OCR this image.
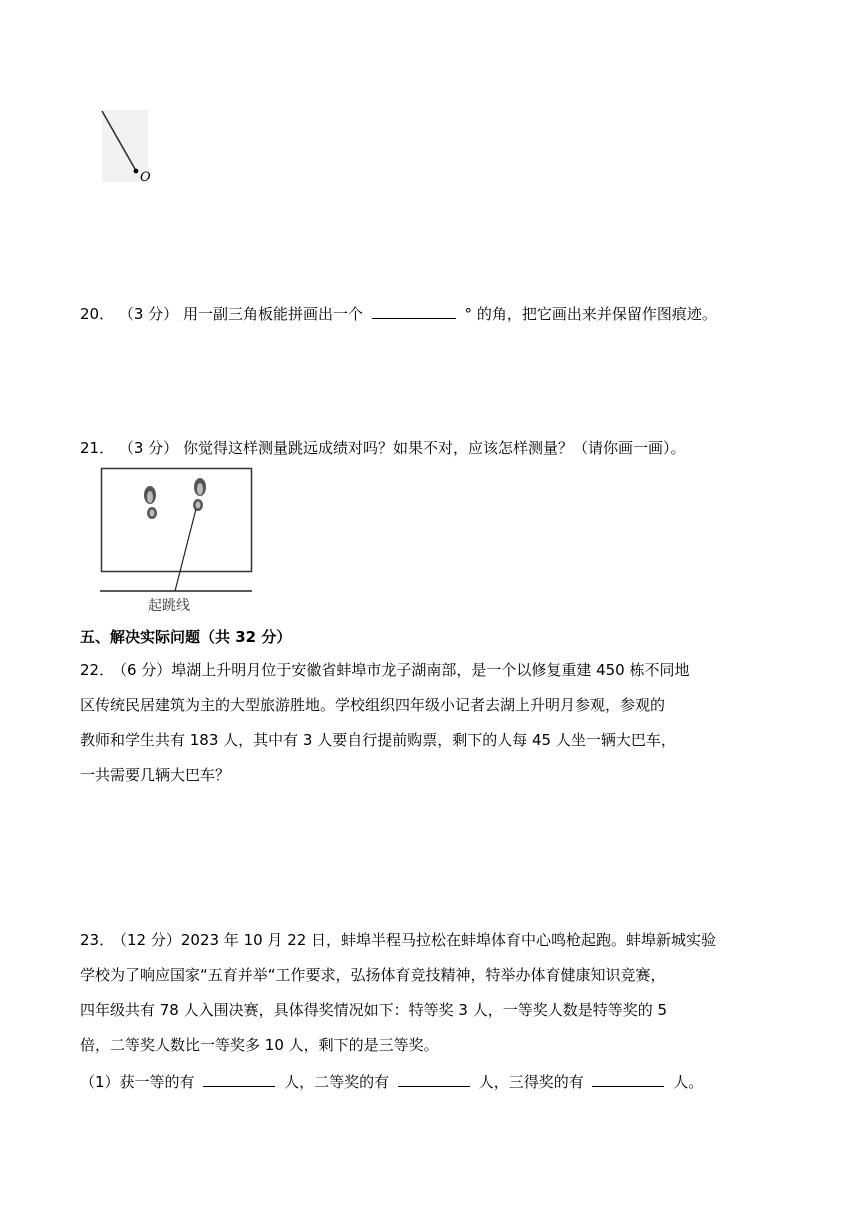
O
20． （3 分） 用一副三角板能拼画出一个	° 的角，把它画出来并保留作图痕迹。
21． （3 分） 你觉得这样测量跳远成绩对吗？如果不对，应该怎样测量？（请你画一画）。
起跳线
五、解决实际问题（共 32 分）
22．
（6 分）埠湖上升明月位于安徽省蚌埠市龙子湖南部，是一个以修复重建 450 栋不同地
区传统民居建筑为主的大型旅游胜地。学校组织四年级小记者去湖上升明月参观，参观的
教师和学生共有 183 人，其中有 3 人要自行提前购票，剩下的人每 45 人坐一辆大巴车，
一共需要几辆大巴车？
23．
（12 分）2023 年 10 月 22 日，蚌埠半程马拉松在蚌埠体育中心鸣枪起跑。蚌埠新城实验
学校为了响应国家“五育并举“工作要求，弘扬体育竞技精神，特举办体育健康知识竞赛，
四年级共有 78 人入围决赛，具体得奖情况如下：特等奖 3 人，一等奖人数是特等奖的 5
倍，二等奖人数比一等奖多 10 人，剩下的是三等奖。
（1）获一等的有	人，二等奖的有	人，三得奖的有	人。
